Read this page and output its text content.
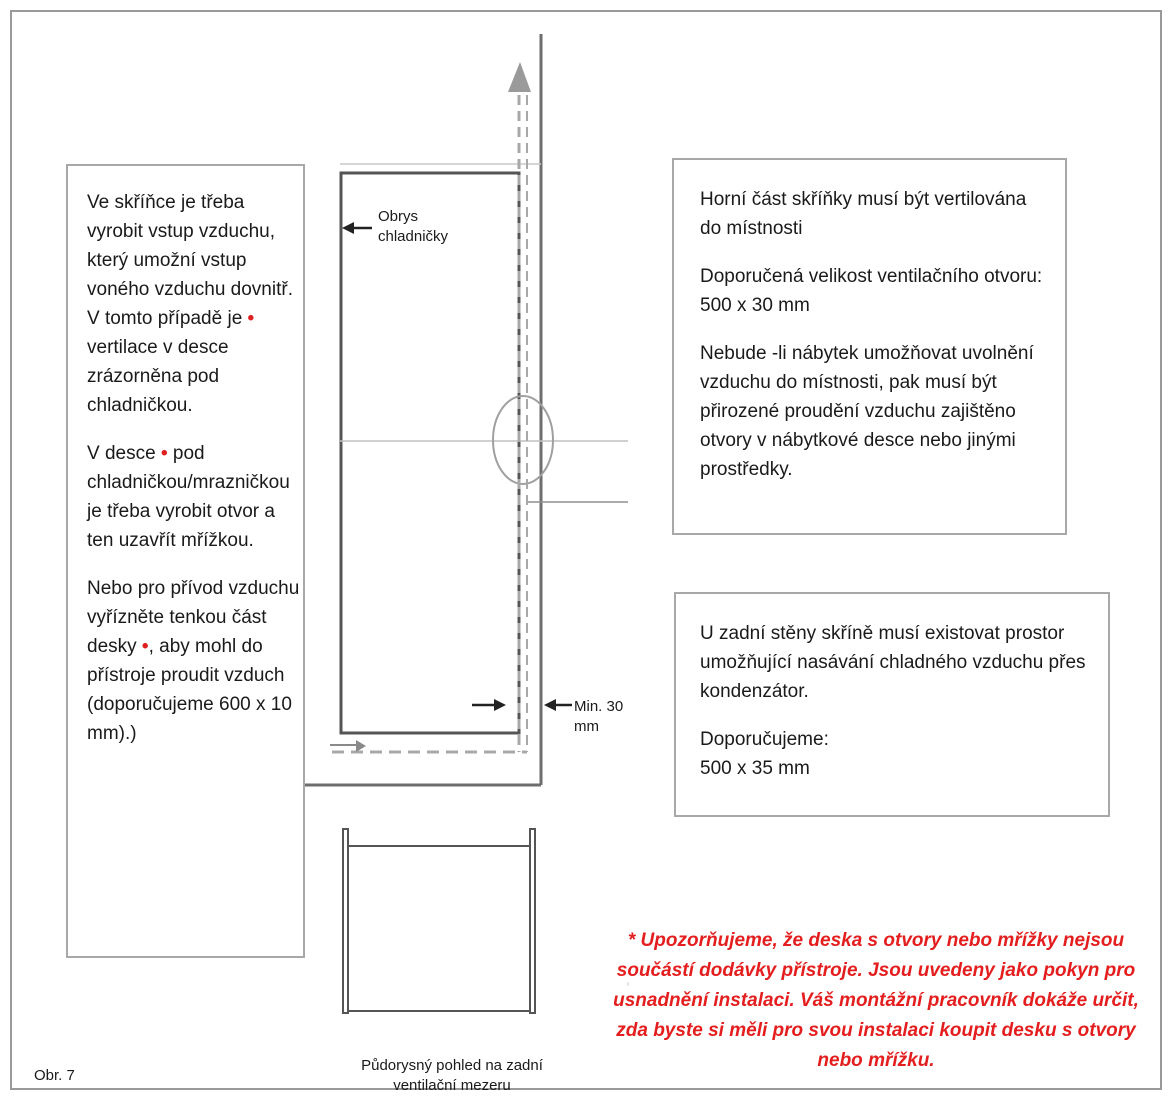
Ve skříňce je třeba vyrobit vstup vzduchu, který umožní vstup voného vzduchu dovnitř. V tomto případě je • vertilace v desce zrázorněna pod chladničkou.

V desce • pod chladničkou/mrazničkou je třeba vyrobit otvor a ten uzavřít mřížkou.

Nebo pro přívod vzduchu vyřízněte tenkou část desky •, aby mohl do přístroje proudit vzduch (doporučujeme 600 x 10 mm).)

Horní část skříňky musí být vertilována do místnosti

Doporučená velikost ventilačního otvoru: 500 x 30 mm

Nebude -li nábytek umožňovat uvolnění vzduchu do místnosti, pak musí být přirozené proudění vzduchu zajištěno otvory v nábytkové desce nebo jinými prostředky.

U zadní stěny skříně musí existovat prostor umožňující nasávání chladného vzduchu přes kondenzátor.

Doporučujeme:

500 x 35 mm

Obrys chladničky
Min. 30 mm
Půdorysný pohled na zadní ventilační mezeru
Obr. 7
* Upozorňujeme, že deska s otvory nebo mřížky nejsou součástí dodávky přístroje. Jsou uvedeny jako pokyn pro usnadnění instalaci. Váš montážní pracovník dokáže určit, zda byste si měli pro svou instalaci koupit desku s otvory nebo mřížku.
